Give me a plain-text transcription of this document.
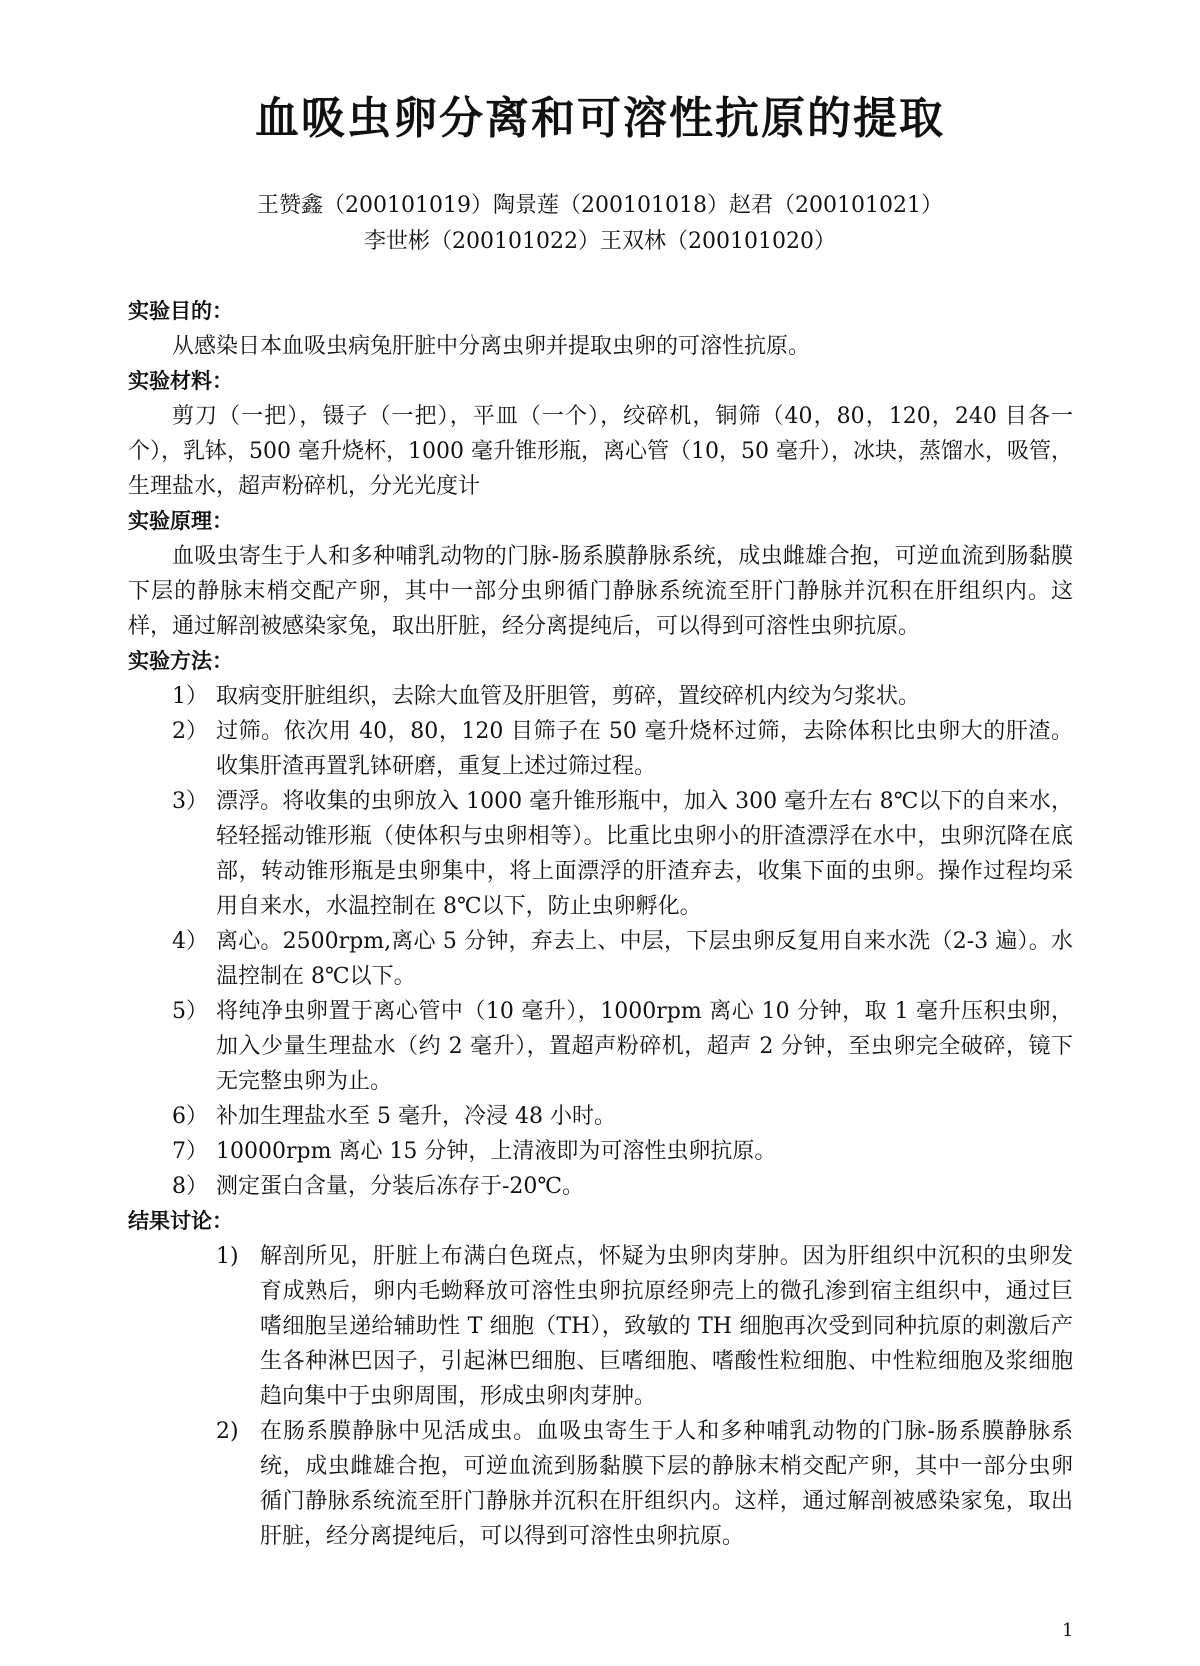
血吸虫卵分离和可溶性抗原的提取
王赞鑫（200101019）陶景莲（200101018）赵君（200101021）
李世彬（200101022）王双林（200101020）
实验目的：
从感染日本血吸虫病兔肝脏中分离虫卵并提取虫卵的可溶性抗原。
实验材料：
剪刀（一把），镊子（一把），平皿（一个），绞碎机，铜筛（40，80，120，240 目各一个），乳钵，500 毫升烧杯，1000 毫升锥形瓶，离心管（10，50 毫升），冰块，蒸馏水，吸管，生理盐水，超声粉碎机，分光光度计
实验原理：
血吸虫寄生于人和多种哺乳动物的门脉-肠系膜静脉系统，成虫雌雄合抱，可逆血流到肠黏膜下层的静脉末梢交配产卵，其中一部分虫卵循门静脉系统流至肝门静脉并沉积在肝组织内。这样，通过解剖被感染家兔，取出肝脏，经分离提纯后，可以得到可溶性虫卵抗原。
实验方法：
1） 取病变肝脏组织，去除大血管及肝胆管，剪碎，置绞碎机内绞为匀浆状。
2） 过筛。依次用 40，80，120 目筛子在 50 毫升烧杯过筛，去除体积比虫卵大的肝渣。收集肝渣再置乳钵研磨，重复上述过筛过程。
3） 漂浮。将收集的虫卵放入 1000 毫升锥形瓶中，加入 300 毫升左右 8℃以下的自来水，轻轻摇动锥形瓶（使体积与虫卵相等）。比重比虫卵小的肝渣漂浮在水中，虫卵沉降在底部，转动锥形瓶是虫卵集中，将上面漂浮的肝渣弃去，收集下面的虫卵。操作过程均采用自来水，水温控制在 8℃以下，防止虫卵孵化。
4） 离心。2500rpm,离心 5 分钟，弃去上、中层，下层虫卵反复用自来水洗（2-3 遍）。水温控制在 8℃以下。
5） 将纯净虫卵置于离心管中（10 毫升），1000rpm 离心 10 分钟，取 1 毫升压积虫卵，加入少量生理盐水（约 2 毫升），置超声粉碎机，超声 2 分钟，至虫卵完全破碎，镜下无完整虫卵为止。
6） 补加生理盐水至 5 毫升，冷浸 48 小时。
7） 10000rpm 离心 15 分钟，上清液即为可溶性虫卵抗原。
8） 测定蛋白含量，分装后冻存于-20℃。
结果讨论：
1) 解剖所见，肝脏上布满白色斑点，怀疑为虫卵肉芽肿。因为肝组织中沉积的虫卵发育成熟后，卵内毛蚴释放可溶性虫卵抗原经卵壳上的微孔渗到宿主组织中，通过巨嗜细胞呈递给辅助性 T 细胞（TH），致敏的 TH 细胞再次受到同种抗原的刺激后产生各种淋巴因子，引起淋巴细胞、巨嗜细胞、嗜酸性粒细胞、中性粒细胞及浆细胞趋向集中于虫卵周围，形成虫卵肉芽肿。
2) 在肠系膜静脉中见活成虫。血吸虫寄生于人和多种哺乳动物的门脉-肠系膜静脉系统，成虫雌雄合抱，可逆血流到肠黏膜下层的静脉末梢交配产卵，其中一部分虫卵循门静脉系统流至肝门静脉并沉积在肝组织内。这样，通过解剖被感染家兔，取出肝脏，经分离提纯后，可以得到可溶性虫卵抗原。
1
